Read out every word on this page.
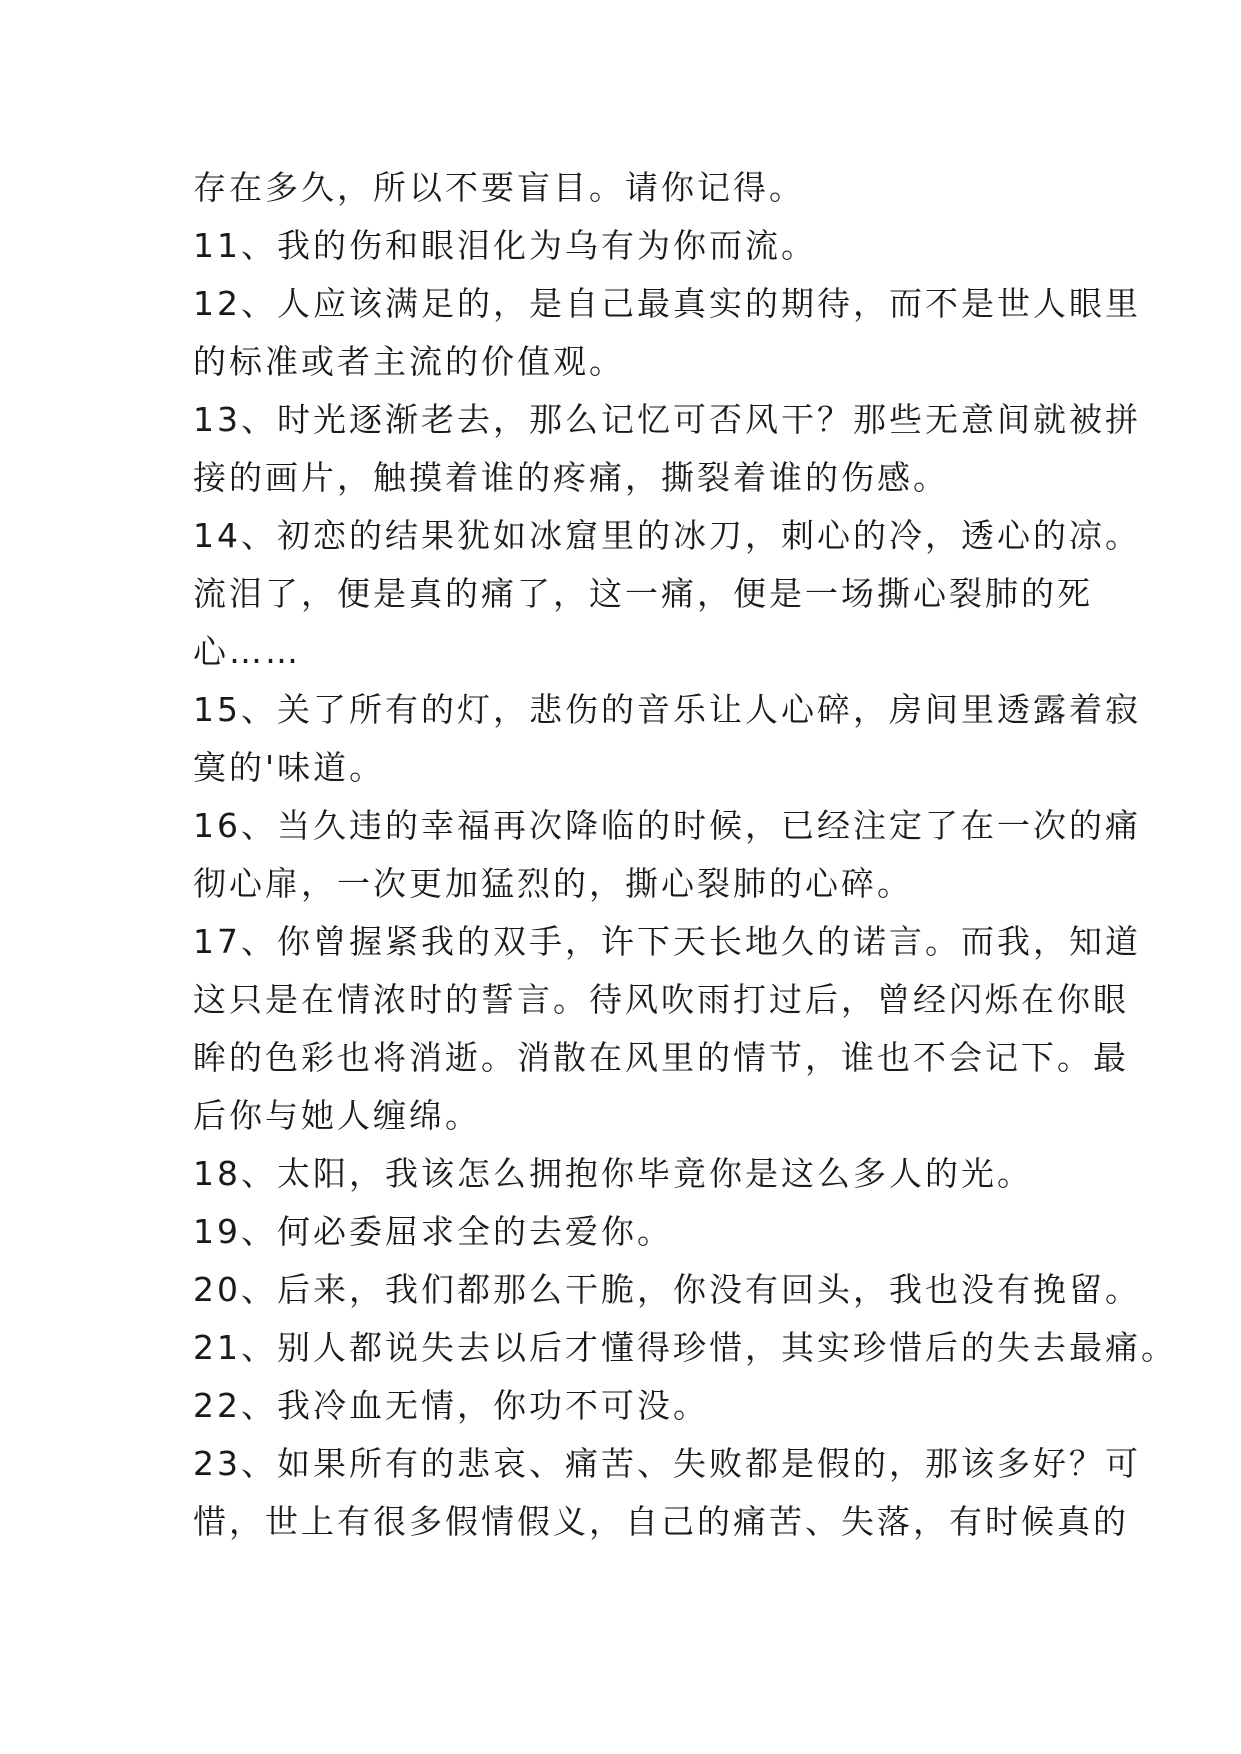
存在多久，所以不要盲目。请你记得。
11、我的伤和眼泪化为乌有为你而流。
12、人应该满足的，是自己最真实的期待，而不是世人眼里
的标准或者主流的价值观。
13、时光逐渐老去，那么记忆可否风干？那些无意间就被拼
接的画片，触摸着谁的疼痛，撕裂着谁的伤感。
14、初恋的结果犹如冰窟里的冰刀，刺心的冷，透心的凉。
流泪了，便是真的痛了，这一痛，便是一场撕心裂肺的死
心……
15、关了所有的灯，悲伤的音乐让人心碎，房间里透露着寂
寞的'味道。
16、当久违的幸福再次降临的时候，已经注定了在一次的痛
彻心扉，一次更加猛烈的，撕心裂肺的心碎。
17、你曾握紧我的双手，许下天长地久的诺言。而我，知道
这只是在情浓时的誓言。待风吹雨打过后，曾经闪烁在你眼
眸的色彩也将消逝。消散在风里的情节，谁也不会记下。最
后你与她人缠绵。
18、太阳，我该怎么拥抱你毕竟你是这么多人的光。
19、何必委屈求全的去爱你。
20、后来，我们都那么干脆，你没有回头，我也没有挽留。
21、别人都说失去以后才懂得珍惜，其实珍惜后的失去最痛。
22、我冷血无情，你功不可没。
23、如果所有的悲哀、痛苦、失败都是假的，那该多好？可
惜，世上有很多假情假义，自己的痛苦、失落，有时候真的
